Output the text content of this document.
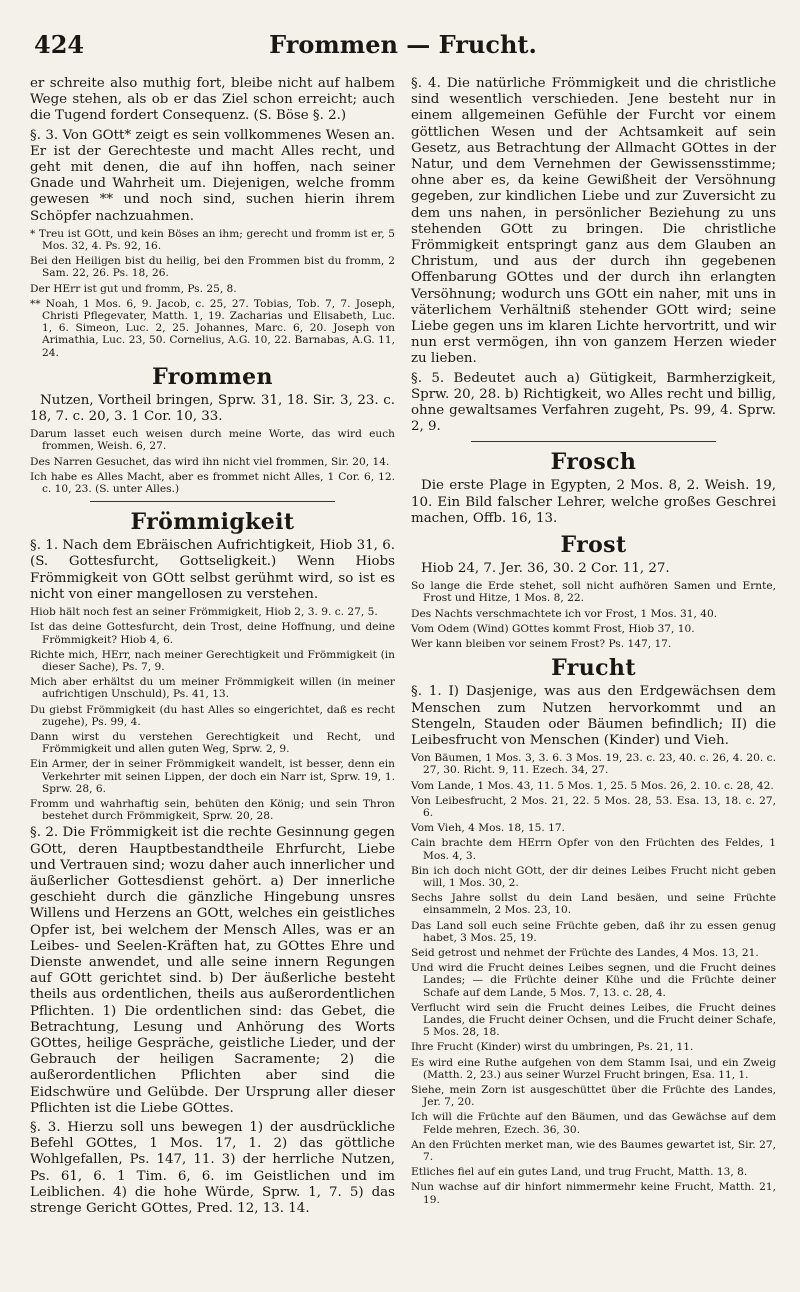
424	Frommen — Frucht.

er schreite also muthig fort, bleibe nicht auf halbem Wege stehen, als ob er das Ziel schon erreicht; auch die Tugend fordert Consequenz. (S. Böse §. 2.)

§. 3. Von GOtt* zeigt es sein vollkommenes Wesen an. Er ist der Gerechteste und macht Alles recht, und geht mit denen, die auf ihn hoffen, nach seiner Gnade und Wahrheit um. Diejenigen, welche fromm gewesen ** und noch sind, suchen hierin ihrem Schöpfer nachzuahmen.

* Treu ist GOtt, und kein Böses an ihm; gerecht und fromm ist er, 5 Mos. 32, 4. Ps. 92, 16.

Bei den Heiligen bist du heilig, bei den Frommen bist du fromm, 2 Sam. 22, 26. Ps. 18, 26.

Der HErr ist gut und fromm, Ps. 25, 8.

** Noah, 1 Mos. 6, 9. Jacob, c. 25, 27. Tobias, Tob. 7, 7. Joseph, Christi Pflegevater, Matth. 1, 19. Zacharias und Elisabeth, Luc. 1, 6. Simeon, Luc. 2, 25. Johannes, Marc. 6, 20. Joseph von Arimathia, Luc. 23, 50. Cornelius, A.G. 10, 22. Barnabas, A.G. 11, 24.

Frommen

Nutzen, Vortheil bringen, Sprw. 31, 18. Sir. 3, 23. c. 18, 7. c. 20, 3. 1 Cor. 10, 33.

Darum lasset euch weisen durch meine Worte, das wird euch frommen, Weish. 6, 27.

Des Narren Gesuchet, das wird ihn nicht viel frommen, Sir. 20, 14.

Ich habe es Alles Macht, aber es frommet nicht Alles, 1 Cor. 6, 12. c. 10, 23. (S. unter Alles.)

Frömmigkeit

§. 1. Nach dem Ebräischen Aufrichtigkeit, Hiob 31, 6. (S. Gottesfurcht, Gottseligkeit.) Wenn Hiobs Frömmigkeit von GOtt selbst gerühmt wird, so ist es nicht von einer mangellosen zu verstehen.

Hiob hält noch fest an seiner Frömmigkeit, Hiob 2, 3. 9. c. 27, 5.

Ist das deine Gottesfurcht, dein Trost, deine Hoffnung, und deine Frömmigkeit? Hiob 4, 6.

Richte mich, HErr, nach meiner Gerechtigkeit und Frömmigkeit (in dieser Sache), Ps. 7, 9.

Mich aber erhältst du um meiner Frömmigkeit willen (in meiner aufrichtigen Unschuld), Ps. 41, 13.

Du giebst Frömmigkeit (du hast Alles so eingerichtet, daß es recht zugehe), Ps. 99, 4.

Dann wirst du verstehen Gerechtigkeit und Recht, und Frömmigkeit und allen guten Weg, Sprw. 2, 9.

Ein Armer, der in seiner Frömmigkeit wandelt, ist besser, denn ein Verkehrter mit seinen Lippen, der doch ein Narr ist, Sprw. 19, 1. Sprw. 28, 6.

Fromm und wahrhaftig sein, behüten den König; und sein Thron bestehet durch Frömmigkeit, Sprw. 20, 28.

§. 2. Die Frömmigkeit ist die rechte Gesinnung gegen GOtt, deren Hauptbestandtheile Ehrfurcht, Liebe und Vertrauen sind; wozu daher auch innerlicher und äußerlicher Gottesdienst gehört. a) Der innerliche geschieht durch die gänzliche Hingebung unsres Willens und Herzens an GOtt, welches ein geistliches Opfer ist, bei welchem der Mensch Alles, was er an Leibes- und Seelen-Kräften hat, zu GOttes Ehre und Dienste anwendet, und alle seine innern Regungen auf GOtt gerichtet sind. b) Der äußerliche besteht theils aus ordentlichen, theils aus außerordentlichen Pflichten. 1) Die ordentlichen sind: das Gebet, die Betrachtung, Lesung und Anhörung des Worts GOttes, heilige Gespräche, geistliche Lieder, und der Gebrauch der heiligen Sacramente; 2) die außerordentlichen Pflichten aber sind die Eidschwüre und Gelübde. Der Ursprung aller dieser Pflichten ist die Liebe GOttes.

§. 3. Hierzu soll uns bewegen 1) der ausdrückliche Befehl GOttes, 1 Mos. 17, 1. 2) das göttliche Wohlgefallen, Ps. 147, 11. 3) der herrliche Nutzen, Ps. 61, 6. 1 Tim. 6, 6. im Geistlichen und im Leiblichen. 4) die hohe Würde, Sprw. 1, 7. 5) das strenge Gericht GOttes, Pred. 12, 13. 14.

§. 4. Die natürliche Frömmigkeit und die christliche sind wesentlich verschieden. Jene besteht nur in einem allgemeinen Gefühle der Furcht vor einem göttlichen Wesen und der Achtsamkeit auf sein Gesetz, aus Betrachtung der Allmacht GOttes in der Natur, und dem Vernehmen der Gewissensstimme; ohne aber es, da keine Gewißheit der Versöhnung gegeben, zur kindlichen Liebe und zur Zuversicht zu dem uns nahen, in persönlicher Beziehung zu uns stehenden GOtt zu bringen. Die christliche Frömmigkeit entspringt ganz aus dem Glauben an Christum, und aus der durch ihn gegebenen Offenbarung GOttes und der durch ihn erlangten Versöhnung; wodurch uns GOtt ein naher, mit uns in väterlichem Verhältniß stehender GOtt wird; seine Liebe gegen uns im klaren Lichte hervortritt, und wir nun erst vermögen, ihn von ganzem Herzen wieder zu lieben.

§. 5. Bedeutet auch a) Gütigkeit, Barmherzigkeit, Sprw. 20, 28. b) Richtigkeit, wo Alles recht und billig, ohne gewaltsames Verfahren zugeht, Ps. 99, 4. Sprw. 2, 9.

Frosch

Die erste Plage in Egypten, 2 Mos. 8, 2. Weish. 19, 10. Ein Bild falscher Lehrer, welche großes Geschrei machen, Offb. 16, 13.

Frost

Hiob 24, 7. Jer. 36, 30. 2 Cor. 11, 27.

So lange die Erde stehet, soll nicht aufhören Samen und Ernte, Frost und Hitze, 1 Mos. 8, 22.

Des Nachts verschmachtete ich vor Frost, 1 Mos. 31, 40.

Vom Odem (Wind) GOttes kommt Frost, Hiob 37, 10.

Wer kann bleiben vor seinem Frost? Ps. 147, 17.

Frucht

§. 1. I) Dasjenige, was aus den Erdgewächsen dem Menschen zum Nutzen hervorkommt und an Stengeln, Stauden oder Bäumen befindlich; II) die Leibesfrucht von Menschen (Kinder) und Vieh.

Von Bäumen, 1 Mos. 3, 3. 6. 3 Mos. 19, 23. c. 23, 40. c. 26, 4. 20. c. 27, 30. Richt. 9, 11. Ezech. 34, 27.

Vom Lande, 1 Mos. 43, 11. 5 Mos. 1, 25. 5 Mos. 26, 2. 10. c. 28, 42.

Von Leibesfrucht, 2 Mos. 21, 22. 5 Mos. 28, 53. Esa. 13, 18. c. 27, 6.

Vom Vieh, 4 Mos. 18, 15. 17.

Cain brachte dem HErrn Opfer von den Früchten des Feldes, 1 Mos. 4, 3.

Bin ich doch nicht GOtt, der dir deines Leibes Frucht nicht geben will, 1 Mos. 30, 2.

Sechs Jahre sollst du dein Land besäen, und seine Früchte einsammeln, 2 Mos. 23, 10.

Das Land soll euch seine Früchte geben, daß ihr zu essen genug habet, 3 Mos. 25, 19.

Seid getrost und nehmet der Früchte des Landes, 4 Mos. 13, 21.

Und wird die Frucht deines Leibes segnen, und die Frucht deines Landes; — die Früchte deiner Kühe und die Früchte deiner Schafe auf dem Lande, 5 Mos. 7, 13. c. 28, 4.

Verflucht wird sein die Frucht deines Leibes, die Frucht deines Landes, die Frucht deiner Ochsen, und die Frucht deiner Schafe, 5 Mos. 28, 18.

Ihre Frucht (Kinder) wirst du umbringen, Ps. 21, 11.

Es wird eine Ruthe aufgehen von dem Stamm Isai, und ein Zweig (Matth. 2, 23.) aus seiner Wurzel Frucht bringen, Esa. 11, 1.

Siehe, mein Zorn ist ausgeschüttet über die Früchte des Landes, Jer. 7, 20.

Ich will die Früchte auf den Bäumen, und das Gewächse auf dem Felde mehren, Ezech. 36, 30.

An den Früchten merket man, wie des Baumes gewartet ist, Sir. 27, 7.

Etliches fiel auf ein gutes Land, und trug Frucht, Matth. 13, 8.

Nun wachse auf dir hinfort nimmermehr keine Frucht, Matth. 21, 19.
